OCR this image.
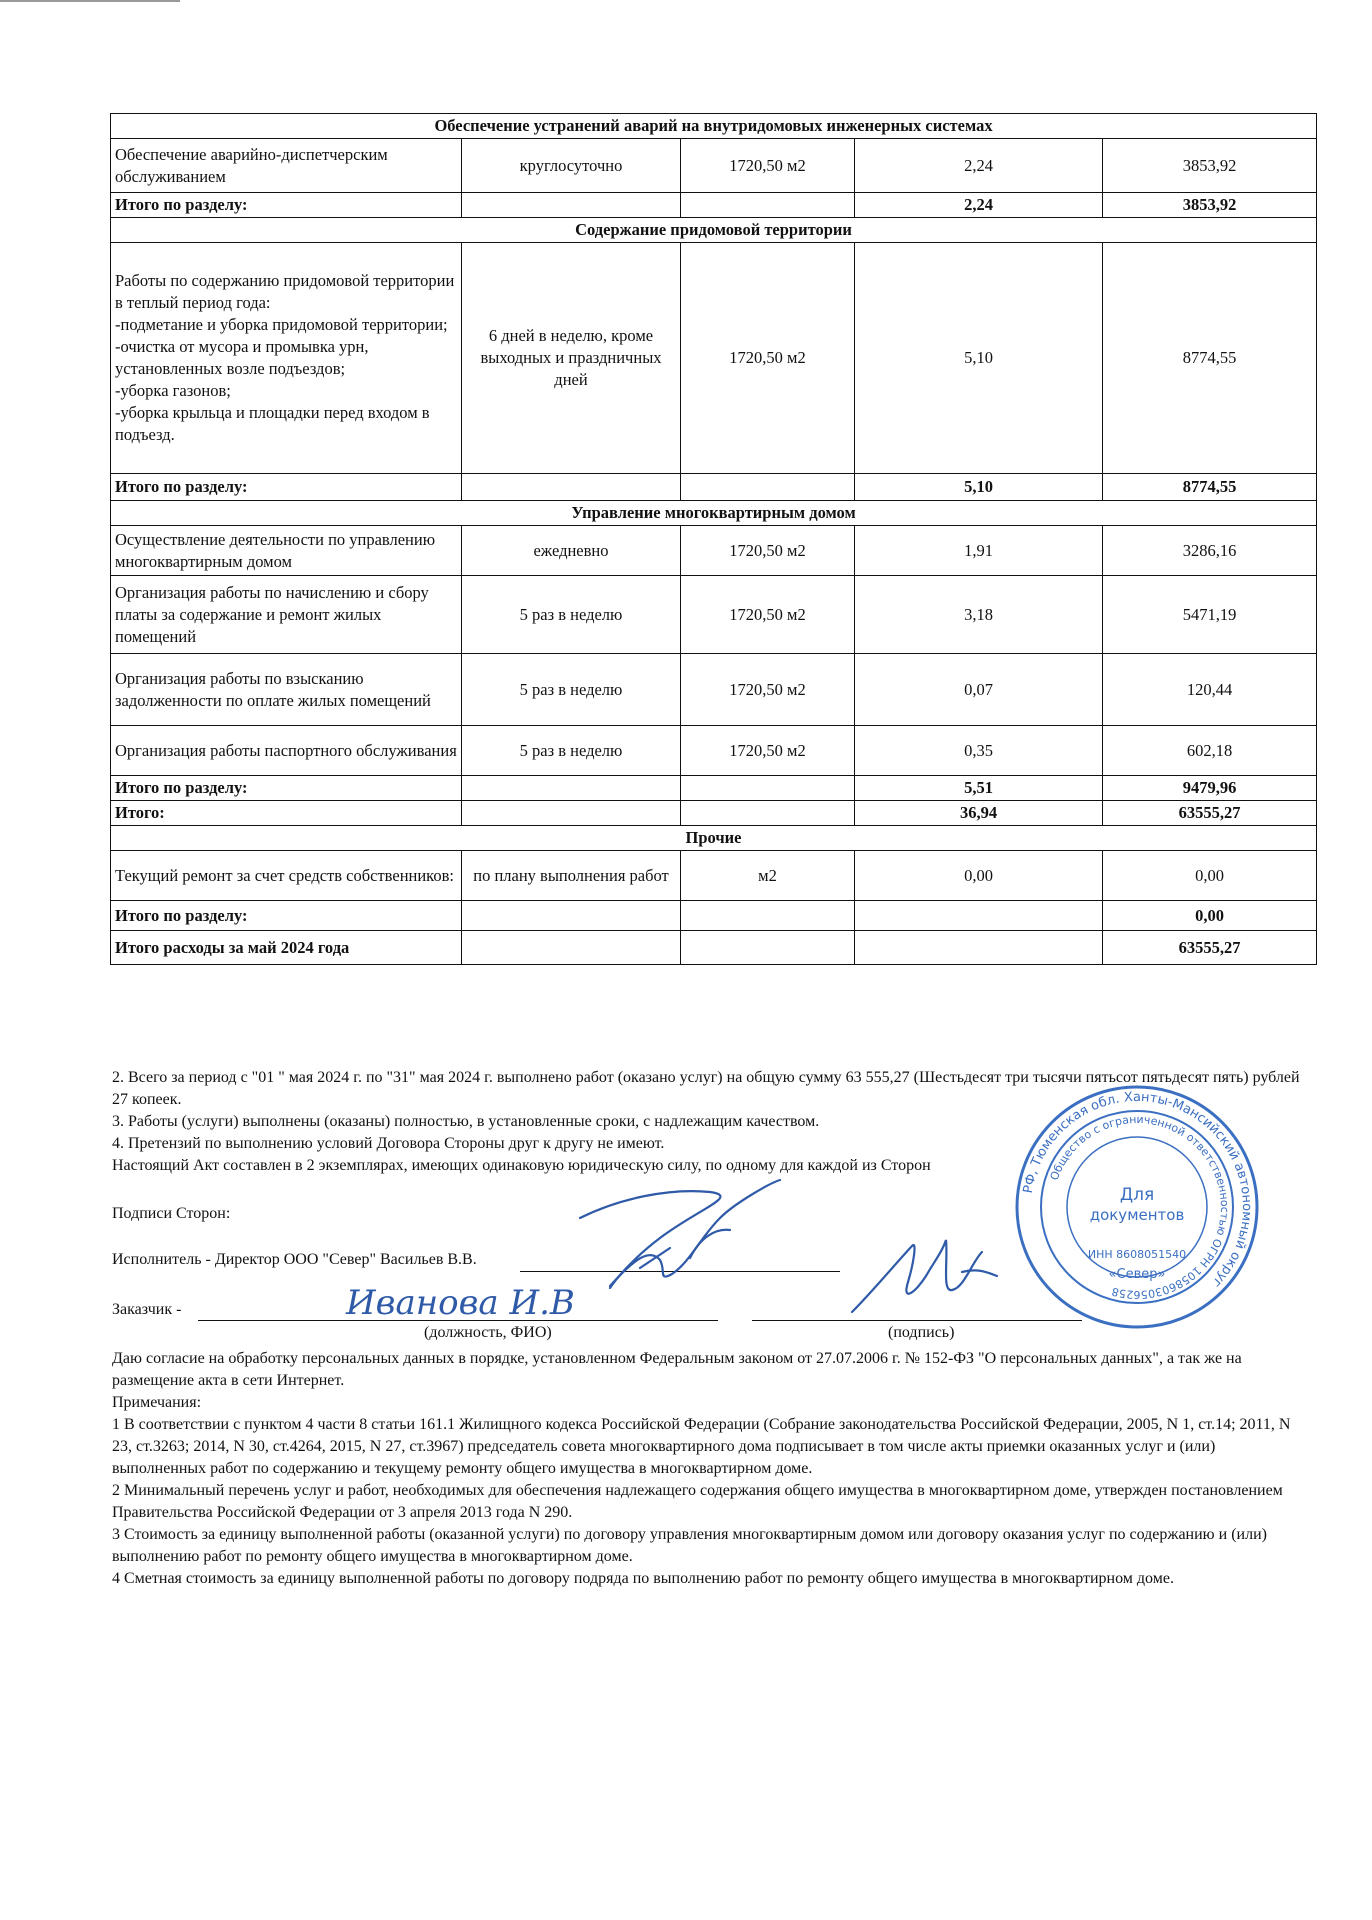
Обеспечение устранений аварий на внутридомовых инженерных системах				
Обеспечение аварийно-диспетчерским обслуживанием	круглосуточно	1720,50 м2	2,24	3853,92
Итого по разделу:			2,24	3853,92
Содержание придомовой территории				
Работы по содержанию придомовой территории в теплый период года:
-подметание и уборка придомовой территории;
-очистка от мусора и промывка урн, установленных возле подъездов;
-уборка газонов;
-уборка крыльца и площадки перед входом в подъезд.	6 дней в неделю, кроме выходных и праздничных дней	1720,50 м2	5,10	8774,55
Итого по разделу:			5,10	8774,55
Управление многоквартирным домом				
Осуществление деятельности по управлению многоквартирным домом	ежедневно	1720,50 м2	1,91	3286,16
Организация работы по начислению и сбору платы за содержание и ремонт жилых помещений	5 раз в неделю	1720,50 м2	3,18	5471,19
Организация работы по взысканию задолженности по оплате жилых помещений	5 раз в неделю	1720,50 м2	0,07	120,44
Организация работы паспортного обслуживания	5 раз в неделю	1720,50 м2	0,35	602,18
Итого по разделу:			5,51	9479,96
Итого:			36,94	63555,27
Прочие				
Текущий ремонт за счет средств собственников:	по плану выполнения работ	м2	0,00	0,00
Итого по разделу:				0,00
Итого расходы за май 2024 года				63555,27

2. Всего за период с "01 " мая 2024 г. по "31" мая 2024 г. выполнено работ (оказано услуг) на общую сумму 63 555,27 (Шестьдесят три тысячи пятьсот пятьдесят пять) рублей 27 копеек.

3. Работы (услуги) выполнены (оказаны) полностью, в установленные сроки, с надлежащим качеством.

4. Претензий по выполнению условий Договора Стороны друг к другу не имеют.

Настоящий Акт составлен в 2 экземплярах, имеющих одинаковую юридическую силу, по одному для каждой из Сторон

Подписи Сторон:
Исполнитель - Директор ООО "Север" Васильев В.В.
Заказчик -
(должность, ФИО)	(подпись)

Даю согласие на обработку персональных данных в порядке, установленном Федеральным законом от 27.07.2006 г. № 152-ФЗ "О персональных данных", а так же на размещение акта в сети Интернет.

Примечания:

1 В соответствии с пунктом 4 части 8 статьи 161.1 Жилищного кодекса Российской Федерации (Собрание законодательства Российской Федерации, 2005, N 1, ст.14; 2011, N 23, ст.3263; 2014, N 30, ст.4264, 2015, N 27, ст.3967) председатель совета многоквартирного дома подписывает в том числе акты приемки оказанных услуг и (или) выполненных работ по содержанию и текущему ремонту общего имущества в многоквартирном доме.

2 Минимальный перечень услуг и работ, необходимых для обеспечения надлежащего содержания общего имущества в многоквартирном доме, утвержден постановлением Правительства Российской Федерации от 3 апреля 2013 года N 290.

3 Стоимость за единицу выполненной работы (оказанной услуги) по договору управления многоквартирным домом или договору оказания услуг по содержанию и (или) выполнению работ по ремонту общего имущества в многоквартирном доме.

4 Сметная стоимость за единицу выполненной работы по договору подряда по выполнению работ по ремонту общего имущества в многоквартирном доме.

Иванова И.В
РФ, Тюменская обл. Ханты-Мансийский автономный округ
Общество с ограниченной ответственностью ОГРН 1058603056258
Для
документов
ИНН 8608051540
«Север»
